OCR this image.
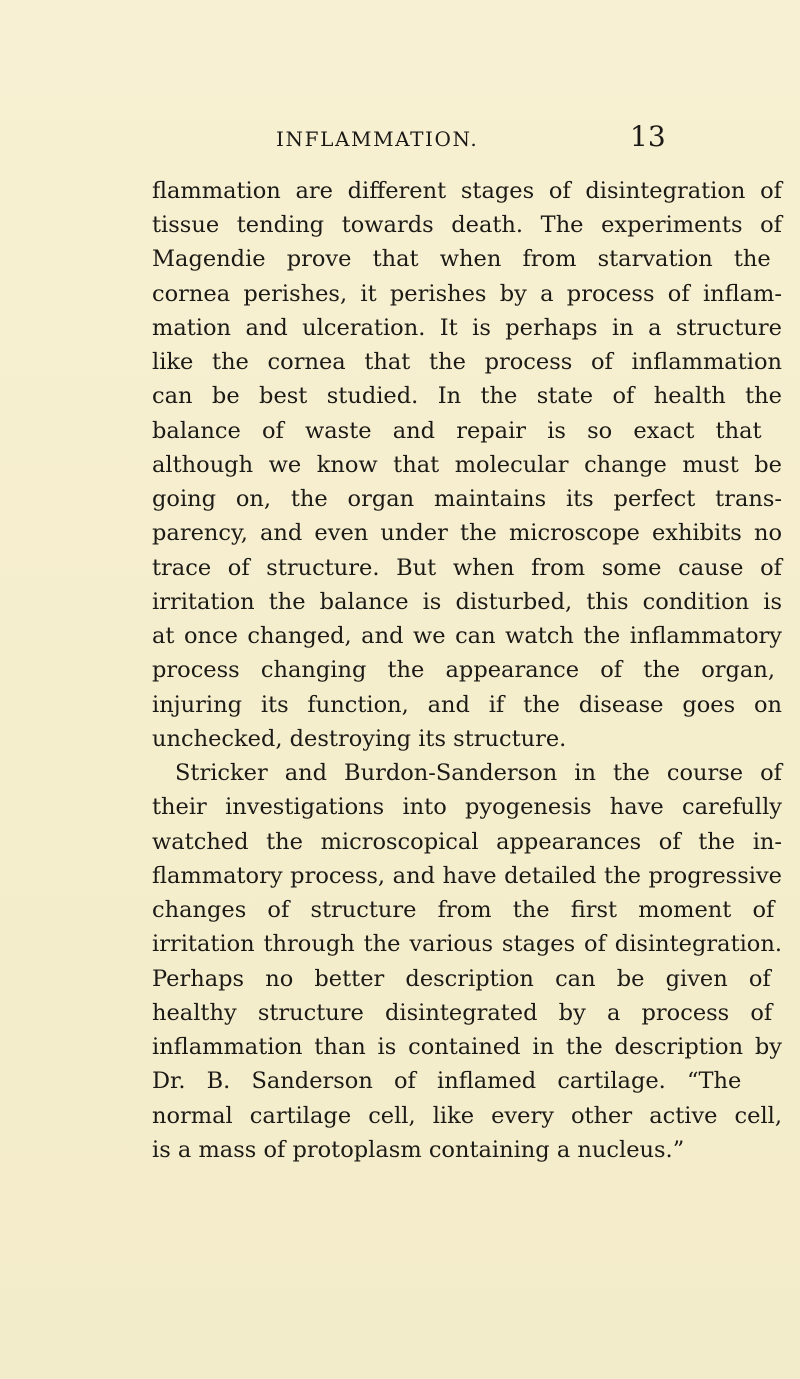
INFLAMMATION.	13
flammation are different stages of disintegration of
tissue tending towards death. The experiments of
Magendie prove that when from starvation the
cornea perishes, it perishes by a process of inflam-
mation and ulceration. It is perhaps in a structure
like the cornea that the process of inflammation
can be best studied. In the state of health the
balance of waste and repair is so exact that
although we know that molecular change must be
going on, the organ maintains its perfect trans-
parency, and even under the microscope exhibits no
trace of structure. But when from some cause of
irritation the balance is disturbed, this condition is
at once changed, and we can watch the inflammatory
process changing the appearance of the organ,
injuring its function, and if the disease goes on
unchecked, destroying its structure.
Stricker and Burdon-Sanderson in the course of
their investigations into pyogenesis have carefully
watched the microscopical appearances of the in-
flammatory process, and have detailed the progressive
changes of structure from the first moment of
irritation through the various stages of disintegration.
Perhaps no better description can be given of
healthy structure disintegrated by a process of
inflammation than is contained in the description by
Dr. B. Sanderson of inflamed cartilage. “The
normal cartilage cell, like every other active cell,
is a mass of protoplasm containing a nucleus.”
